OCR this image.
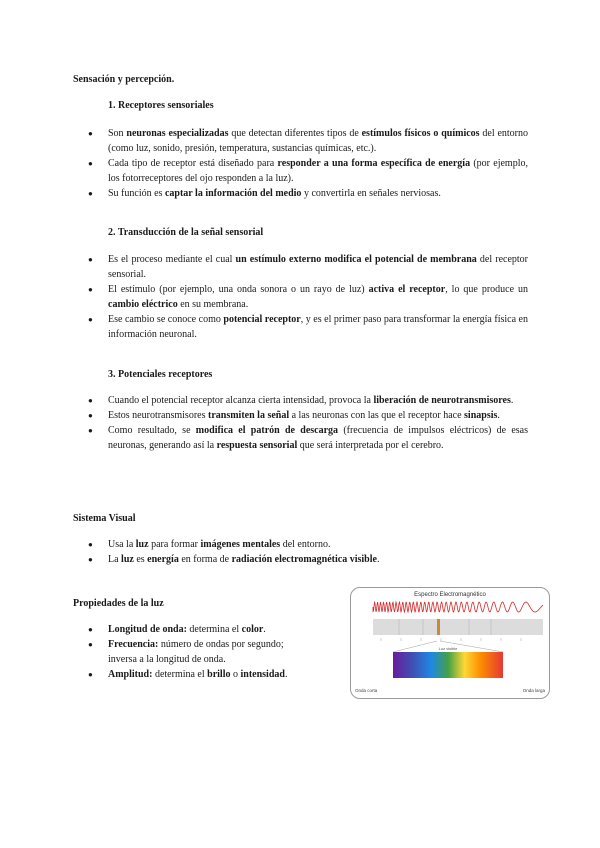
Sensación y percepción.
1. Receptores sensoriales
● Son neuronas especializadas que detectan diferentes tipos de estímulos físicos o químicos del entorno (como luz, sonido, presión, temperatura, sustancias químicas, etc.).
● Cada tipo de receptor está diseñado para responder a una forma específica de energía (por ejemplo, los fotorreceptores del ojo responden a la luz).
● Su función es captar la información del medio y convertirla en señales nerviosas.
2. Transducción de la señal sensorial
● Es el proceso mediante el cual un estímulo externo modifica el potencial de membrana del receptor sensorial.
● El estímulo (por ejemplo, una onda sonora o un rayo de luz) activa el receptor, lo que produce un cambio eléctrico en su membrana.
● Ese cambio se conoce como potencial receptor, y es el primer paso para transformar la energía física en información neuronal.
3. Potenciales receptores
● Cuando el potencial receptor alcanza cierta intensidad, provoca la liberación de neurotransmisores.
● Estos neurotransmisores transmiten la señal a las neuronas con las que el receptor hace sinapsis.
● Como resultado, se modifica el patrón de descarga (frecuencia de impulsos eléctricos) de esas neuronas, generando así la respuesta sensorial que será interpretada por el cerebro.
Sistema Visual
● Usa la luz para formar imágenes mentales del entorno.
● La luz es energía en forma de radiación electromagnética visible.
Propiedades de la luz
● Longitud de onda: determina el color.
● Frecuencia: número de ondas por segundo; inversa a la longitud de onda.
● Amplitud: determina el brillo o intensidad.
Espectro Electromagnético
Luz visible
Onda corta	Onda larga
